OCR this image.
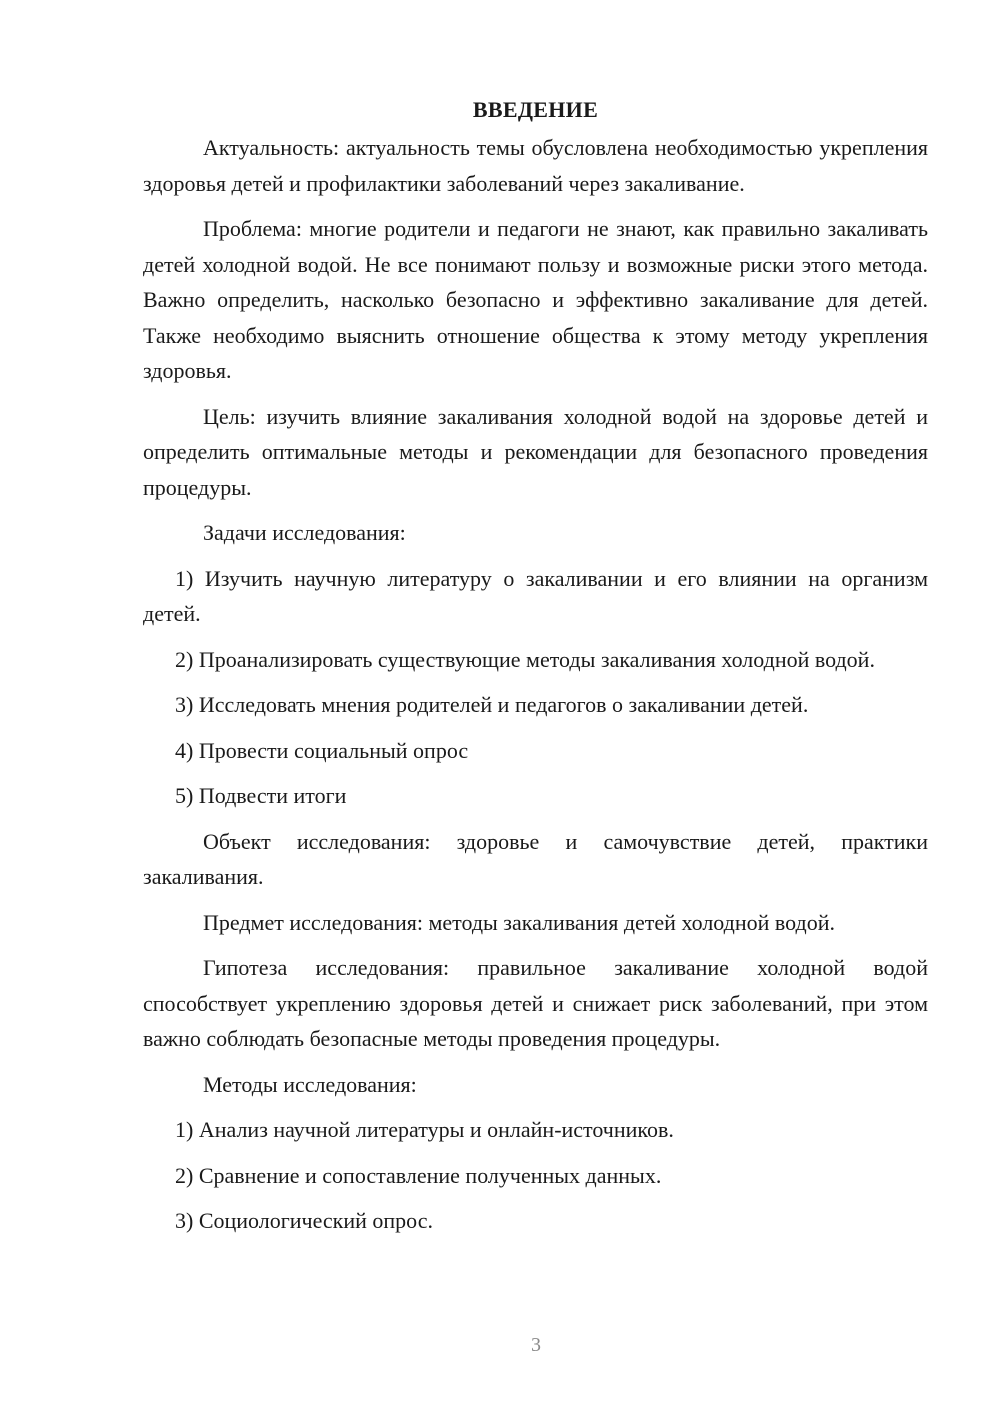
ВВЕДЕНИЕ

Актуальность: актуальность темы обусловлена необходимостью укрепления здоровья детей и профилактики заболеваний через закаливание.

Проблема: многие родители и педагоги не знают, как правильно закаливать детей холодной водой. Не все понимают пользу и возможные риски этого метода. Важно определить, насколько безопасно и эффективно закаливание для детей. Также необходимо выяснить отношение общества к этому методу укрепления здоровья.

Цель: изучить влияние закаливания холодной водой на здоровье детей и определить оптимальные методы и рекомендации для безопасного проведения процедуры.

Задачи исследования:

1) Изучить научную литературу о закаливании и его влиянии на организм детей.

2) Проанализировать существующие методы закаливания холодной водой.

3) Исследовать мнения родителей и педагогов о закаливании детей.

4) Провести социальный опрос

5) Подвести итоги

Объект исследования: здоровье и самочувствие детей, практики закаливания.

Предмет исследования: методы закаливания детей холодной водой.

Гипотеза исследования: правильное закаливание холодной водой способствует укреплению здоровья детей и снижает риск заболеваний, при этом важно соблюдать безопасные методы проведения процедуры.

Методы исследования:

1) Анализ научной литературы и онлайн-источников.

2) Сравнение и сопоставление полученных данных.

3) Социологический опрос.

3
